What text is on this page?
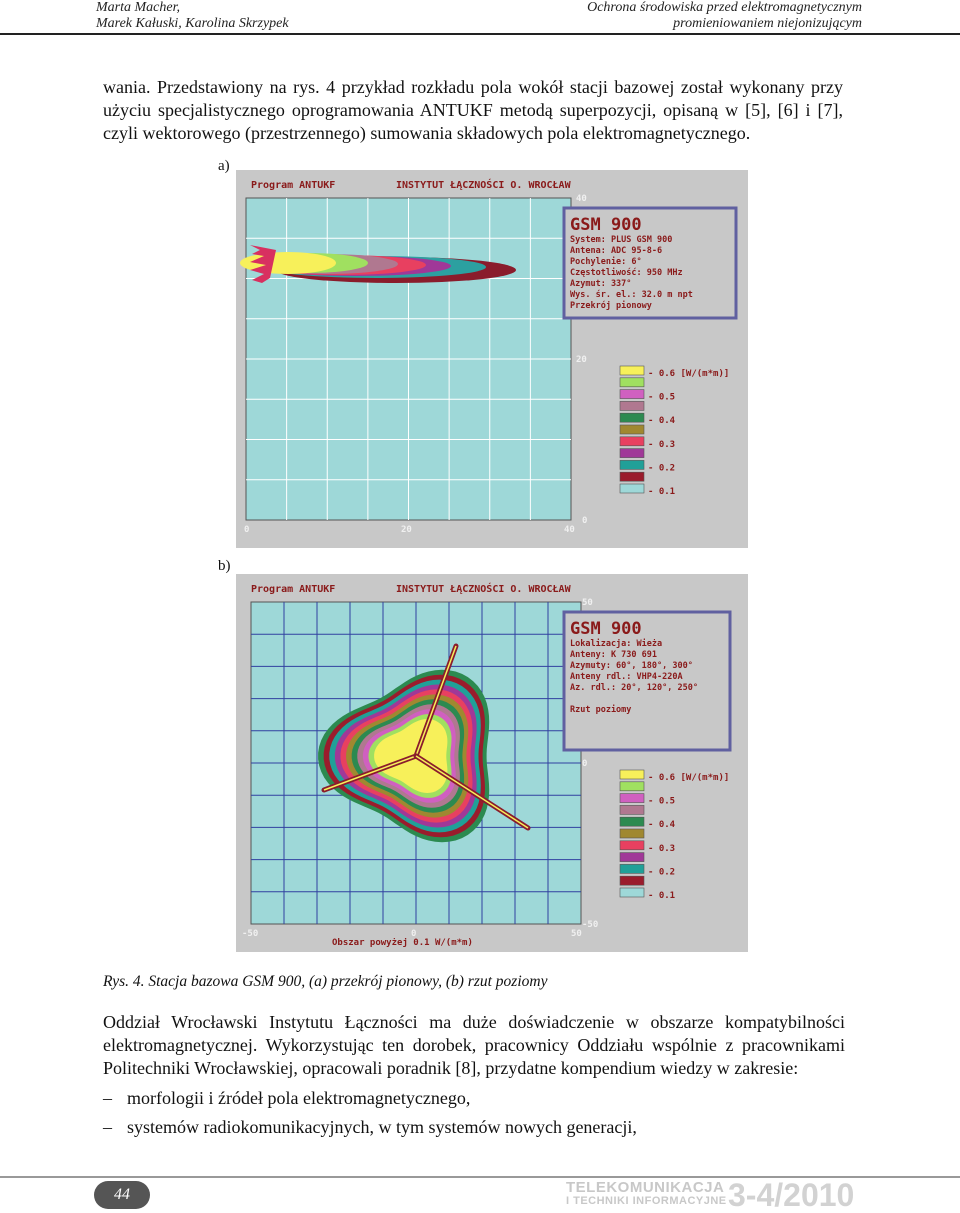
Marta Macher,
Marek Kałuski, Karolina Skrzypek
Ochrona środowiska przed elektromagnetycznym
promieniowaniem niejonizującym

wania. Przedstawiony na rys. 4 przykład rozkładu pola wokół stacji bazowej został wykonany przy użyciu specjalistycznego oprogramowania ANTUKF metodą superpozycji, opisaną w [5], [6] i [7], czyli wektorowego (przestrzennego) sumowania składowych pola elektromagnetycznego.

a)
Program ANTUKF	INSTYTUT ŁĄCZNOŚCI O. WROCŁAW
GSM 900
System: PLUS GSM 900
Antena: ADC 95-8-6
Pochylenie: 6°
Częstotliwość: 950 MHz
Azymut: 337°
Wys. śr. el.: 32.0 m npt
Przekrój pionowy
40
20
0
0	20	40
- 0.6 [W/(m*m)]
- 0.5
- 0.4
- 0.3
- 0.2
- 0.1
b)
Program ANTUKF	INSTYTUT ŁĄCZNOŚCI O. WROCŁAW
GSM 900
Lokalizacja: Wieża
Anteny: K 730 691
Azymuty: 60°, 180°, 300°
Anteny rdl.: VHP4-220A
Az. rdl.: 20°, 120°, 250°
Rzut poziomy
50
0
-50
-50	0	50
Obszar powyżej 0.1 W/(m*m)
- 0.6 [W/(m*m)]
- 0.5
- 0.4
- 0.3
- 0.2
- 0.1
Rys. 4. Stacja bazowa GSM 900, (a) przekrój pionowy, (b) rzut poziomy

Oddział Wrocławski Instytutu Łączności ma duże doświadczenie w obszarze kompatybilności elektromagnetycznej. Wykorzystując ten dorobek, pracownicy Oddziału wspólnie z pracownikami Politechniki Wrocławskiej, opracowali poradnik [8], przydatne kompendium wiedzy w zakresie:

– morfologii i źródeł pola elektromagnetycznego,
– systemów radiokomunikacyjnych, w tym systemów nowych generacji,
44	TELEKOMUNIKACJA
I TECHNIKI INFORMACYJNE 3-4/2010
